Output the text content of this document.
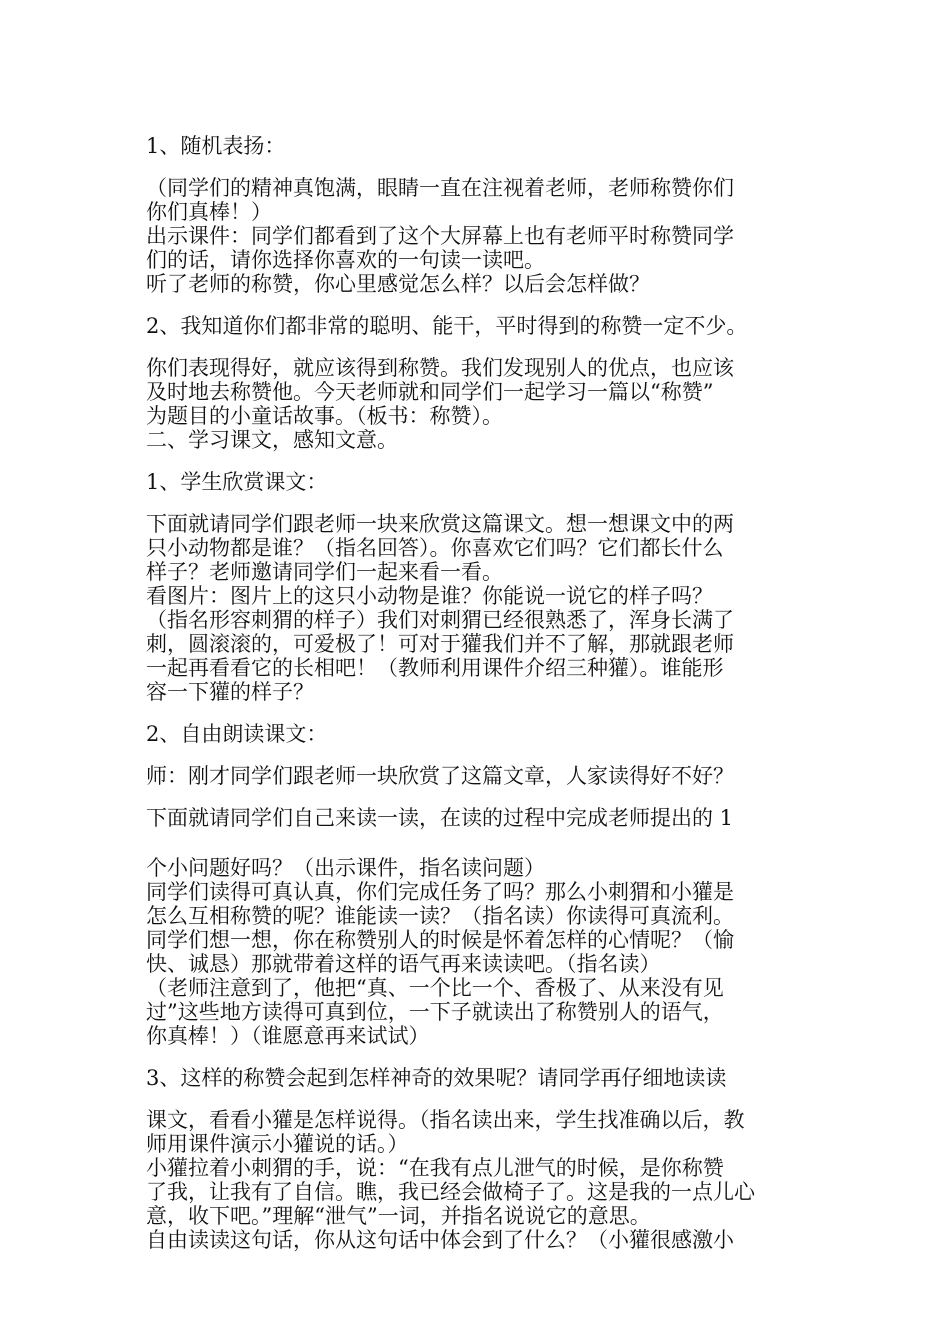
1、随机表扬：

（同学们的精神真饱满，眼睛一直在注视着老师，老师称赞你们

你们真棒！）

出示课件：同学们都看到了这个大屏幕上也有老师平时称赞同学

们的话，请你选择你喜欢的一句读一读吧。

听了老师的称赞，你心里感觉怎么样？以后会怎样做？

2、我知道你们都非常的聪明、能干，平时得到的称赞一定不少。

你们表现得好，就应该得到称赞。我们发现别人的优点，也应该

及时地去称赞他。今天老师就和同学们一起学习一篇以“称赞”

为题目的小童话故事。（板书：称赞）。

二、学习课文，感知文意。

1、学生欣赏课文：

下面就请同学们跟老师一块来欣赏这篇课文。想一想课文中的两

只小动物都是谁？（指名回答）。你喜欢它们吗？它们都长什么

样子？老师邀请同学们一起来看一看。

看图片：图片上的这只小动物是谁？你能说一说它的样子吗？

（指名形容刺猬的样子）我们对刺猬已经很熟悉了，浑身长满了

刺，圆滚滚的，可爱极了！可对于獾我们并不了解，那就跟老师

一起再看看它的长相吧！（教师利用课件介绍三种獾）。谁能形

容一下獾的样子？

2、自由朗读课文：

师：刚才同学们跟老师一块欣赏了这篇文章，人家读得好不好？

下面就请同学们自己来读一读，在读的过程中完成老师提出的 1

个小问题好吗？（出示课件，指名读问题）

同学们读得可真认真，你们完成任务了吗？那么小刺猬和小獾是

怎么互相称赞的呢？谁能读一读？（指名读）你读得可真流利。

同学们想一想，你在称赞别人的时候是怀着怎样的心情呢？（愉

快、诚恳）那就带着这样的语气再来读读吧。（指名读）

（老师注意到了，他把“真、一个比一个、香极了、从来没有见

过”这些地方读得可真到位，一下子就读出了称赞别人的语气，

你真棒！）（谁愿意再来试试）

3、这样的称赞会起到怎样神奇的效果呢？请同学再仔细地读读

课文，看看小獾是怎样说得。（指名读出来，学生找准确以后，教

师用课件演示小獾说的话。）

小獾拉着小刺猬的手，说：“在我有点儿泄气的时候，是你称赞

了我，让我有了自信。瞧，我已经会做椅子了。这是我的一点儿心

意，收下吧。”理解“泄气”一词，并指名说说它的意思。

自由读读这句话，你从这句话中体会到了什么？（小獾很感激小
